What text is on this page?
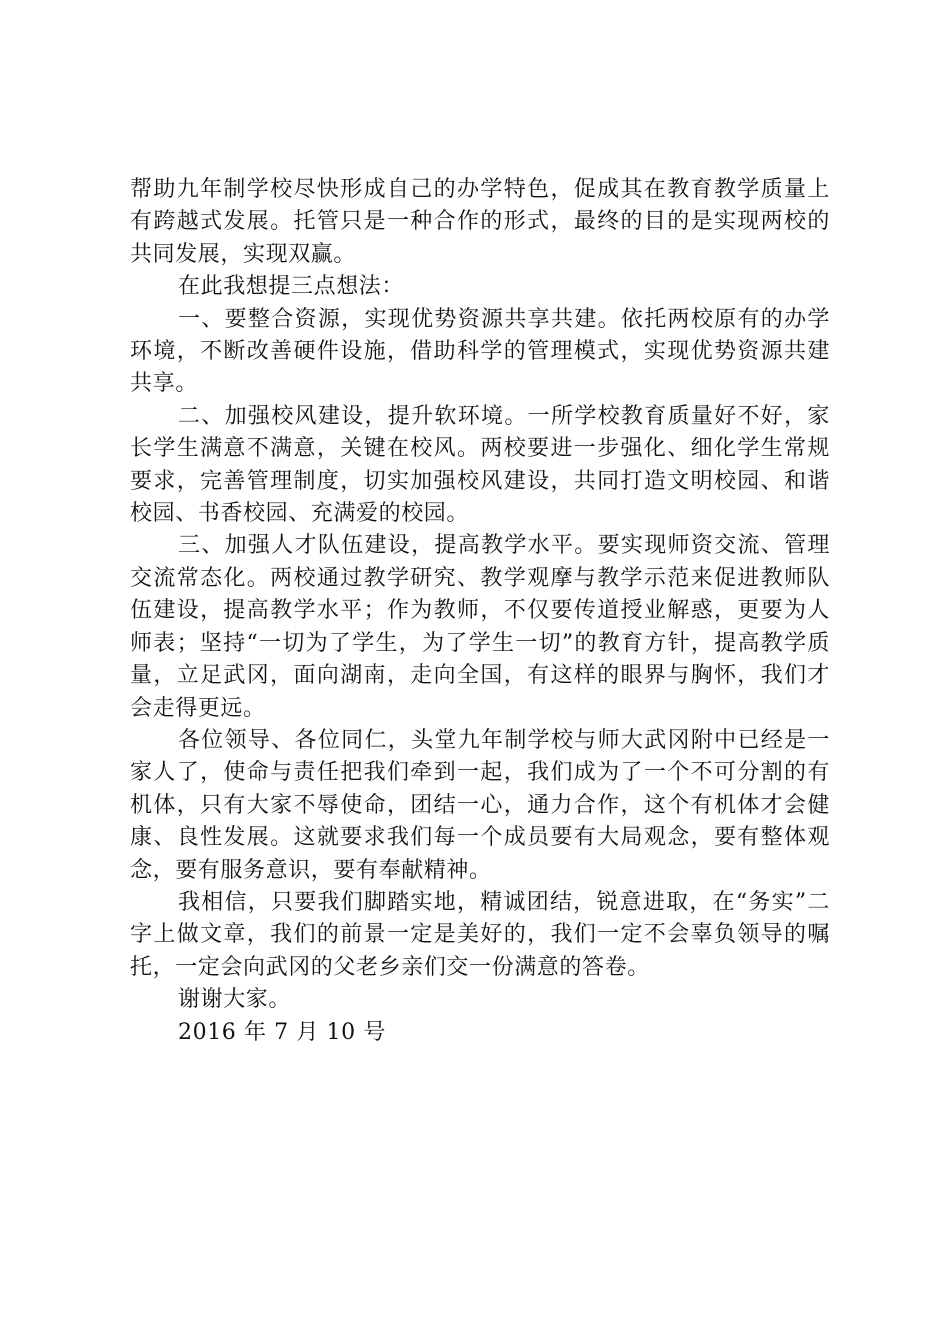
帮助九年制学校尽快形成自己的办学特色，促成其在教育教学质量上有跨越式发展。托管只是一种合作的形式，最终的目的是实现两校的共同发展，实现双赢。

在此我想提三点想法：

一、要整合资源，实现优势资源共享共建。依托两校原有的办学环境，不断改善硬件设施，借助科学的管理模式，实现优势资源共建共享。

二、加强校风建设，提升软环境。一所学校教育质量好不好，家长学生满意不满意，关键在校风。两校要进一步强化、细化学生常规要求，完善管理制度，切实加强校风建设，共同打造文明校园、和谐校园、书香校园、充满爱的校园。

三、加强人才队伍建设，提高教学水平。要实现师资交流、管理交流常态化。两校通过教学研究、教学观摩与教学示范来促进教师队伍建设，提高教学水平；作为教师，不仅要传道授业解惑，更要为人师表；坚持“一切为了学生，为了学生一切”的教育方针，提高教学质量，立足武冈，面向湖南，走向全国，有这样的眼界与胸怀，我们才会走得更远。

各位领导、各位同仁，头堂九年制学校与师大武冈附中已经是一家人了，使命与责任把我们牵到一起，我们成为了一个不可分割的有机体，只有大家不辱使命，团结一心，通力合作，这个有机体才会健康、良性发展。这就要求我们每一个成员要有大局观念，要有整体观念，要有服务意识，要有奉献精神。

我相信，只要我们脚踏实地，精诚团结，锐意进取，在“务实”二字上做文章，我们的前景一定是美好的，我们一定不会辜负领导的嘱托，一定会向武冈的父老乡亲们交一份满意的答卷。

谢谢大家。

2016 年 7 月 10 号
